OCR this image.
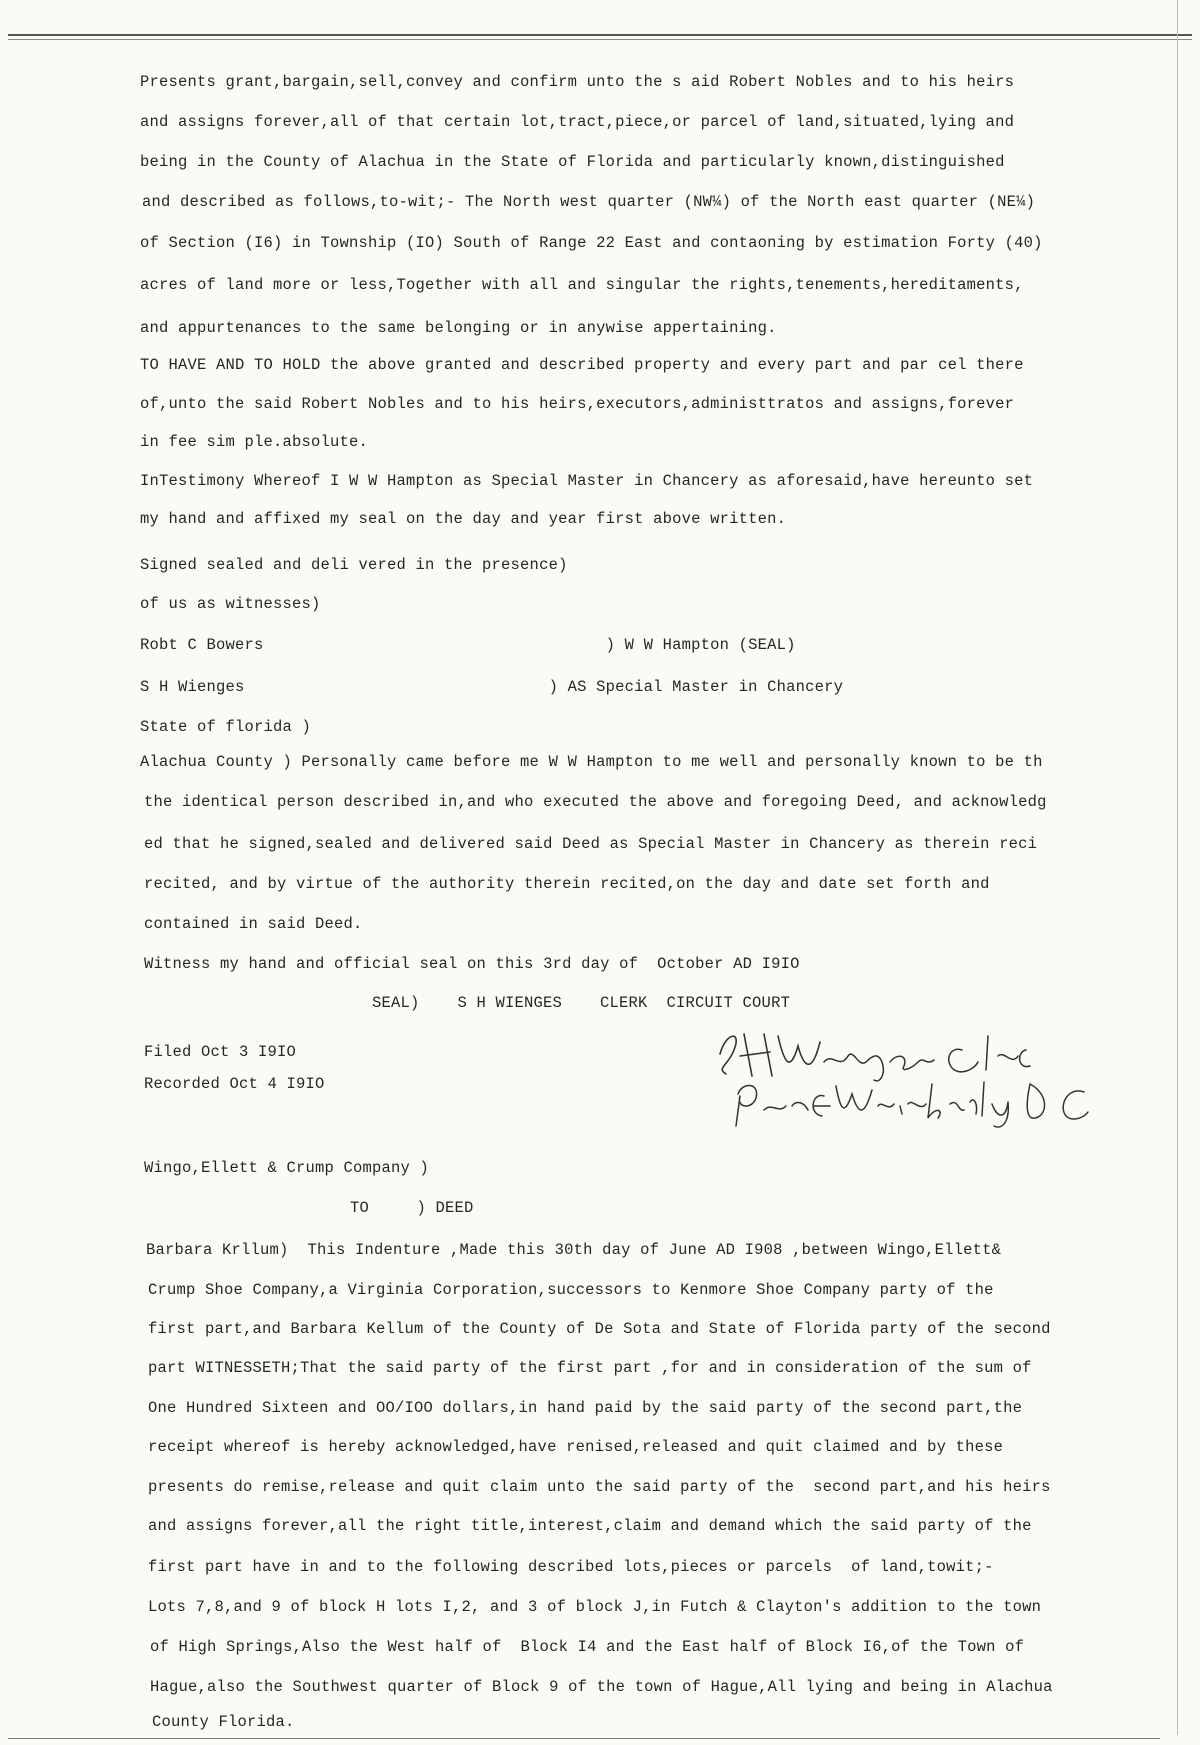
Presents grant,bargain,sell,convey and confirm unto the s aid Robert Nobles and to his heirs
and assigns forever,all of that certain lot,tract,piece,or parcel of land,situated,lying and
being in the County of Alachua in the State of Florida and particularly known,distinguished
and described as follows,to-wit;- The North west quarter (NW¼) of the North east quarter (NE¼)
of Section (I6) in Township (IO) South of Range 22 East and contaoning by estimation Forty (40)
acres of land more or less,Together with all and singular the rights,tenements,hereditaments,
and appurtenances to the same belonging or in anywise appertaining.
TO HAVE AND TO HOLD the above granted and described property and every part and par cel there
of,unto the said Robert Nobles and to his heirs,executors,administtratos and assigns,forever
in fee sim ple.absolute.
InTestimony Whereof I W W Hampton as Special Master in Chancery as aforesaid,have hereunto set
my hand and affixed my seal on the day and year first above written.
Signed sealed and deli vered in the presence)
of us as witnesses)
Robt C Bowers                                    ) W W Hampton (SEAL)
S H Wienges                                ) AS Special Master in Chancery
State of florida )
Alachua County ) Personally came before me W W Hampton to me well and personally known to be th
the identical person described in,and who executed the above and foregoing Deed, and acknowledg
ed that he signed,sealed and delivered said Deed as Special Master in Chancery as therein reci
recited, and by virtue of the authority therein recited,on the day and date set forth and
contained in said Deed.
Witness my hand and official seal on this 3rd day of  October AD I9IO
SEAL)    S H WIENGES    CLERK  CIRCUIT COURT
Filed Oct 3 I9IO
Recorded Oct 4 I9IO
Wingo,Ellett & Crump Company )
TO     ) DEED
Barbara Krllum)  This Indenture ,Made this 30th day of June AD I908 ,between Wingo,Ellett&
Crump Shoe Company,a Virginia Corporation,successors to Kenmore Shoe Company party of the
first part,and Barbara Kellum of the County of De Sota and State of Florida party of the second
part WITNESSETH;That the said party of the first part ,for and in consideration of the sum of
One Hundred Sixteen and OO/IOO dollars,in hand paid by the said party of the second part,the
receipt whereof is hereby acknowledged,have renised,released and quit claimed and by these
presents do remise,release and quit claim unto the said party of the  second part,and his heirs
and assigns forever,all the right title,interest,claim and demand which the said party of the
first part have in and to the following described lots,pieces or parcels  of land,towit;-
Lots 7,8,and 9 of block H lots I,2, and 3 of block J,in Futch & Clayton's addition to the town
of High Springs,Also the West half of  Block I4 and the East half of Block I6,of the Town of
Hague,also the Southwest quarter of Block 9 of the town of Hague,All lying and being in Alachua
County Florida.
